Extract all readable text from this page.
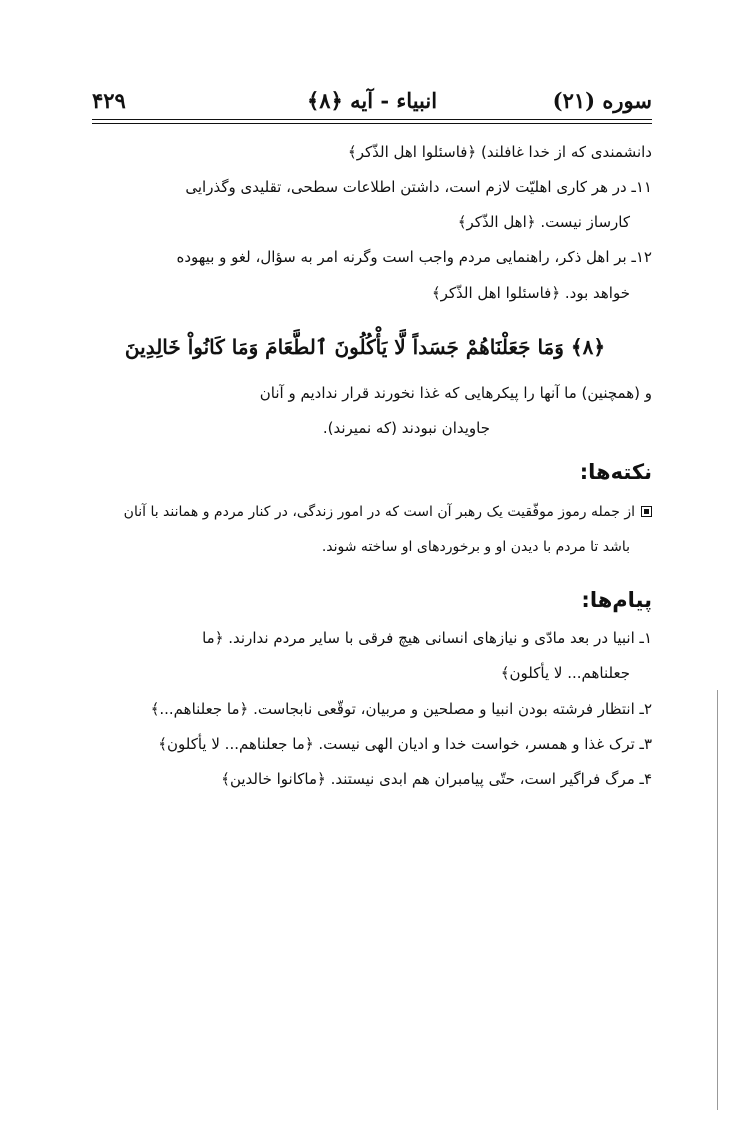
سوره (۲۱)
انبیاء - آیه ﴿۸﴾
۴۲۹
دانشمندی که از خدا غافلند) ﴿فاسئلوا اهل الذّکر﴾
۱۱ـ در هر کاری اهلیّت لازم است، داشتن اطلاعات سطحی، تقلیدی وگذرایی
کارساز نیست. ﴿اهل الذّکر﴾
۱۲ـ بر اهل ذکر، راهنمایی مردم واجب است وگرنه امر به سؤال، لغو و بیهوده
خواهد بود. ﴿فاسئلوا اهل الذّکر﴾
﴿۸﴾ وَمَا جَعَلْنَاهُمْ جَسَداً لَّا يَأْكُلُونَ ٱلطَّعَامَ وَمَا كَانُواْ خَالِدِينَ
و (همچنین) ما آنها را پیکرهایی که غذا نخورند قرار ندادیم و آنان
جاویدان نبودند (که نمیرند).
نکته‌ها:
از جمله رموز موفّقیت یک رهبر آن است که در امور زندگی، در کنار مردم و همانند با آنان
باشد تا مردم با دیدن او و برخوردهای او ساخته شوند.
پیام‌ها:
۱ـ انبیا در بعد مادّی و نیازهای انسانی هیچ فرقی با سایر مردم ندارند. ﴿ما
جعلناهم... لا یأکلون﴾
۲ـ انتظار فرشته بودن انبیا و مصلحین و مربیان، توقّعی نابجاست. ﴿ما جعلناهم...﴾
۳ـ ترک غذا و همسر، خواست خدا و ادیان الهی نیست. ﴿ما جعلناهم... لا یأکلون﴾
۴ـ مرگ فراگیر است، حتّی پیامبران هم ابدی نیستند. ﴿ماکانوا خالدین﴾
